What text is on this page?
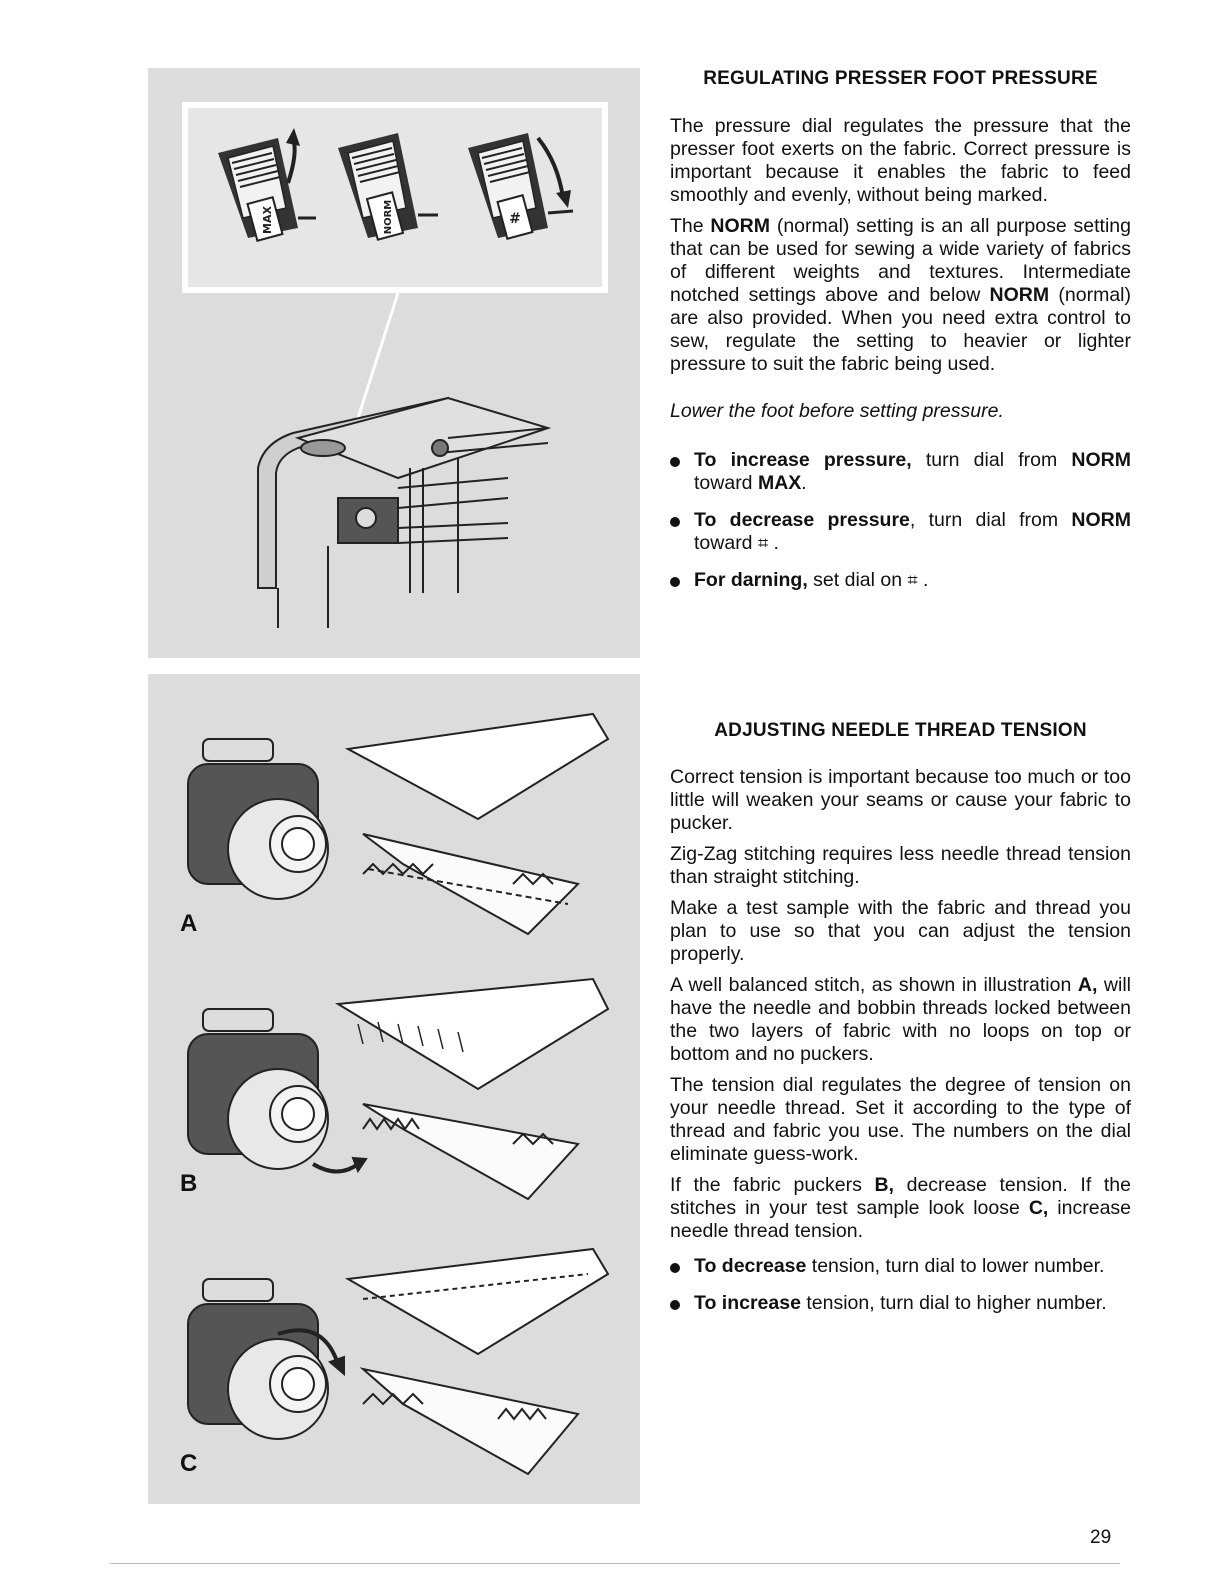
MAX	NORM	#
A
B
C
REGULATING PRESSER FOOT PRESSURE

The pressure dial regulates the pressure that the presser foot exerts on the fabric. Correct pressure is important because it enables the fabric to feed smoothly and evenly, without being marked.

The NORM (normal) setting is an all purpose setting that can be used for sewing a wide variety of fabrics of different weights and textures. Intermediate notched settings above and below NORM (normal) are also provided. When you need extra control to sew, regulate the setting to heavier or lighter pressure to suit the fabric being used.

Lower the foot before setting pressure.

To increase pressure, turn dial from NORM toward MAX.
To decrease pressure, turn dial from NORM toward ⌗ .
For darning, set dial on ⌗ .
ADJUSTING NEEDLE THREAD TENSION

Correct tension is important because too much or too little will weaken your seams or cause your fabric to pucker.

Zig-Zag stitching requires less needle thread tension than straight stitching.

Make a test sample with the fabric and thread you plan to use so that you can adjust the tension properly.

A well balanced stitch, as shown in illustration A, will have the needle and bobbin threads locked between the two layers of fabric with no loops on top or bottom and no puckers.

The tension dial regulates the degree of tension on your needle thread. Set it according to the type of thread and fabric you use. The numbers on the dial eliminate guess-work.

If the fabric puckers B, decrease tension. If the stitches in your test sample look loose C, increase needle thread tension.

To decrease tension, turn dial to lower number.
To increase tension, turn dial to higher number.
29
